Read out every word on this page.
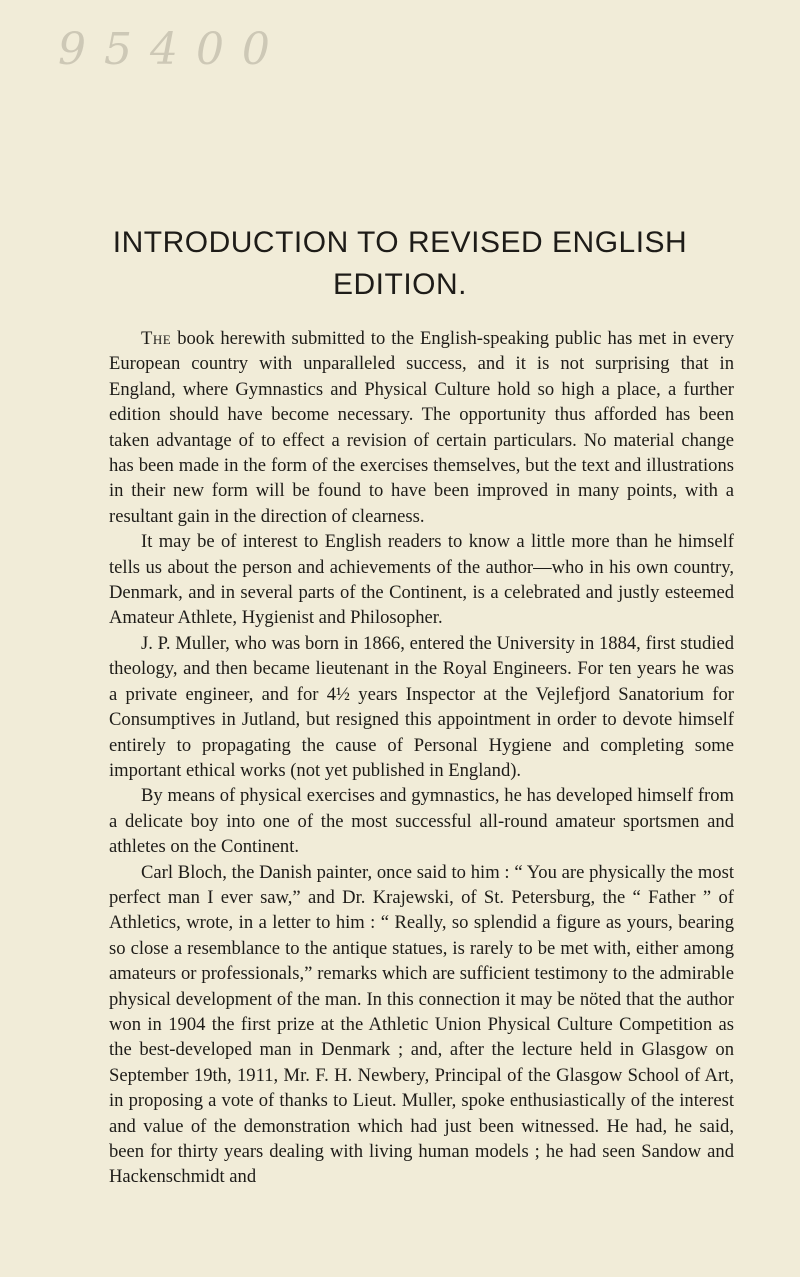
9 5 4 0 0
INTRODUCTION TO REVISED ENGLISH
EDITION.

The book herewith submitted to the English-speaking public has met in every European country with unparalleled success, and it is not surprising that in England, where Gymnastics and Physical Culture hold so high a place, a further edition should have become necessary. The opportunity thus afforded has been taken advantage of to effect a revision of certain particulars. No material change has been made in the form of the exercises themselves, but the text and illustrations in their new form will be found to have been improved in many points, with a resultant gain in the direction of clearness.

It may be of interest to English readers to know a little more than he himself tells us about the person and achievements of the author—who in his own country, Denmark, and in several parts of the Continent, is a celebrated and justly esteemed Amateur Athlete, Hygienist and Philosopher.

J. P. Muller, who was born in 1866, entered the University in 1884, first studied theology, and then became lieutenant in the Royal Engineers. For ten years he was a private engineer, and for 4½ years Inspector at the Vejlefjord Sanatorium for Consumptives in Jutland, but resigned this appointment in order to devote himself entirely to propagating the cause of Personal Hygiene and completing some important ethical works (not yet published in England).

By means of physical exercises and gymnastics, he has developed himself from a delicate boy into one of the most successful all-round amateur sportsmen and athletes on the Continent.

Carl Bloch, the Danish painter, once said to him : “ You are physically the most perfect man I ever saw,” and Dr. Krajewski, of St. Petersburg, the “ Father ” of Athletics, wrote, in a letter to him : “ Really, so splendid a figure as yours, bearing so close a resemblance to the antique statues, is rarely to be met with, either among amateurs or professionals,” remarks which are sufficient testimony to the admirable physical development of the man. In this connection it may be nöted that the author won in 1904 the first prize at the Athletic Union Physical Culture Competition as the best-developed man in Denmark ; and, after the lecture held in Glasgow on September 19th, 1911, Mr. F. H. Newbery, Principal of the Glasgow School of Art, in proposing a vote of thanks to Lieut. Muller, spoke enthusiastically of the interest and value of the demonstration which had just been witnessed. He had, he said, been for thirty years dealing with living human models ; he had seen Sandow and Hackenschmidt and
